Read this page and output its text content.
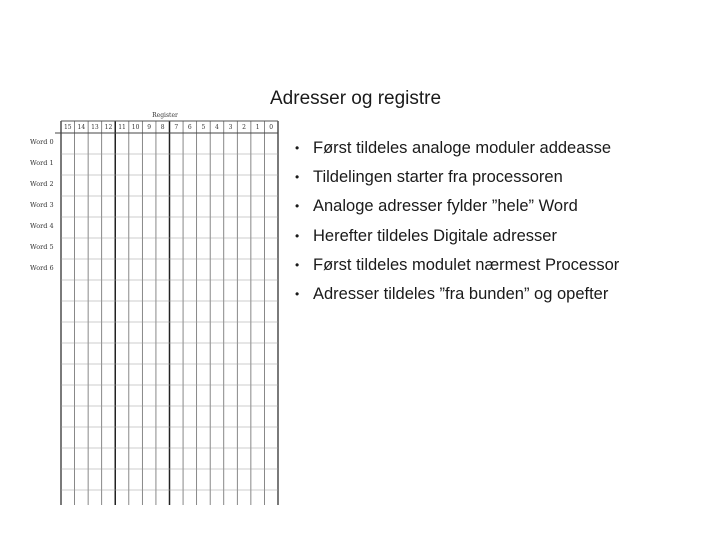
Adresser og registre
• Først tildeles analoge moduler addeasse
• Tildelingen starter fra processoren
• Analoge adresser fylder ”hele” Word
• Herefter tildeles Digitale adresser
• Først tildeles modulet nærmest Processor
• Adresser tildeles ”fra bunden” og opefter
Register
15 14 13 12 11 10 9 8 7 6 5 4 3 2 1 0
Word 0
Word 1
Word 2
Word 3
Word 4
Word 5
Word 6
